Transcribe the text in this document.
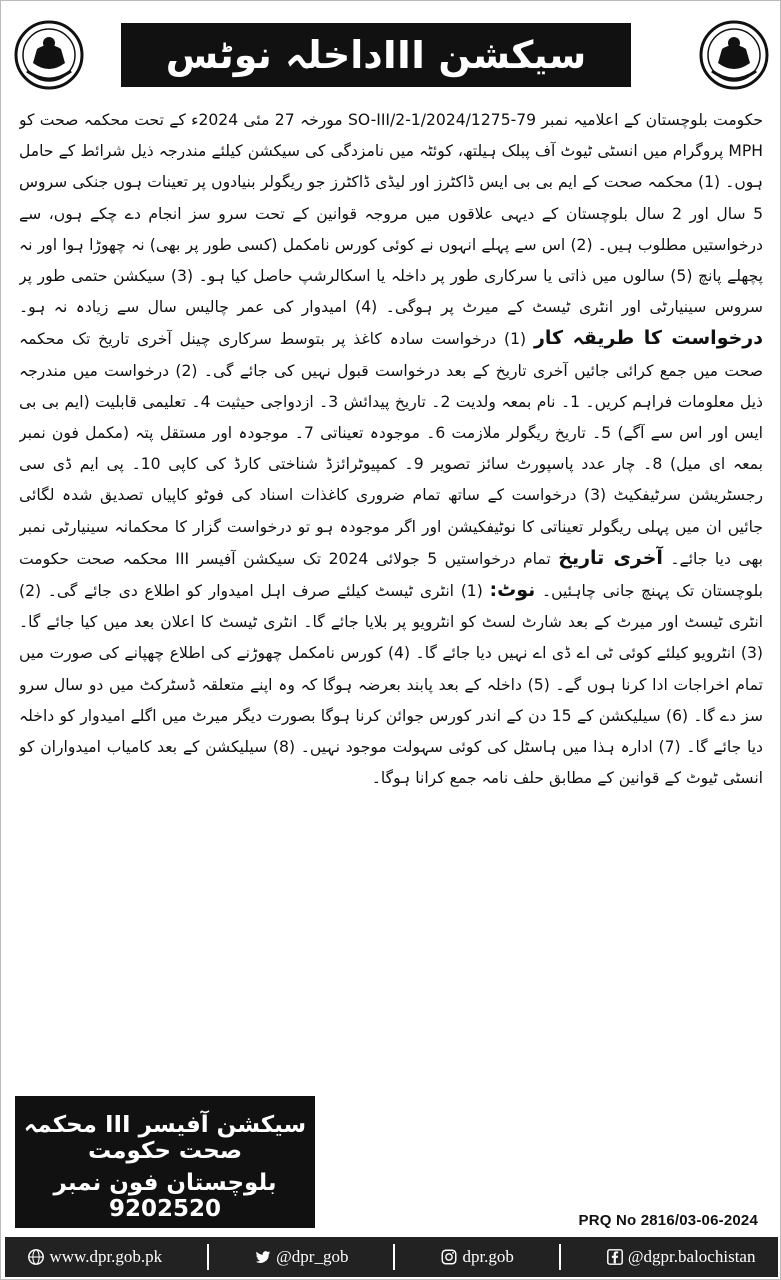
سیکشن IIIداخلہ نوٹس

حکومت بلوچستان کے اعلامیہ نمبر SO-III/2-1/2024/1275-79 مورخہ 27 مئی 2024ء کے تحت محکمہ صحت کو MPH پروگرام میں انسٹی ٹیوٹ آف پبلک ہیلتھ، کوئٹہ میں نامزدگی کی سیکشن کیلئے مندرجہ ذیل شرائط کے حامل ہوں۔ (1) محکمہ صحت کے ایم بی بی ایس ڈاکٹرز اور لیڈی ڈاکٹرز جو ریگولر بنیادوں پر تعینات ہوں جنکی سروس 5 سال اور 2 سال بلوچستان کے دیہی علاقوں میں مروجہ قوانین کے تحت سرو سز انجام دے چکے ہوں، سے درخواستیں مطلوب ہیں۔ (2) اس سے پہلے انہوں نے کوئی کورس نامکمل (کسی طور پر بھی) نہ چھوڑا ہوا اور نہ پچھلے پانچ (5) سالوں میں ذاتی یا سرکاری طور پر داخلہ یا اسکالرشپ حاصل کیا ہو۔ (3) سیکشن حتمی طور پر سروس سینیارٹی اور انٹری ٹیسٹ کے میرٹ پر ہوگی۔ (4) امیدوار کی عمر چالیس سال سے زیادہ نہ ہو۔ درخواست کا طریقہ کار (1) درخواست سادہ کاغذ پر بتوسط سرکاری چینل آخری تاریخ تک محکمہ صحت میں جمع کرائی جائیں آخری تاریخ کے بعد درخواست قبول نہیں کی جائے گی۔ (2) درخواست میں مندرجہ ذیل معلومات فراہم کریں۔ 1۔ نام بمعہ ولدیت 2۔ تاریخ پیدائش 3۔ ازدواجی حیثیت 4۔ تعلیمی قابلیت (ایم بی بی ایس اور اس سے آگے) 5۔ تاریخ ریگولر ملازمت 6۔ موجودہ تعیناتی 7۔ موجودہ اور مستقل پتہ (مکمل فون نمبر بمعہ ای میل) 8۔ چار عدد پاسپورٹ سائز تصویر 9۔ کمپیوٹرائزڈ شناختی کارڈ کی کاپی 10۔ پی ایم ڈی سی رجسٹریشن سرٹیفکیٹ (3) درخواست کے ساتھ تمام ضروری کاغذات اسناد کی فوٹو کاپیاں تصدیق شدہ لگائی جائیں ان میں پہلی ریگولر تعیناتی کا نوٹیفکیشن اور اگر موجودہ ہو تو درخواست گزار کا محکمانہ سینیارٹی نمبر بھی دیا جائے۔ آخری تاریخ تمام درخواستیں 5 جولائی 2024 تک سیکشن آفیسر III محکمہ صحت حکومت بلوچستان تک پہنچ جانی چاہئیں۔ نوٹ: (1) انٹری ٹیسٹ کیلئے صرف اہل امیدوار کو اطلاع دی جائے گی۔ (2) انٹری ٹیسٹ اور میرٹ کے بعد شارٹ لسٹ کو انٹرویو پر بلایا جائے گا۔ انٹری ٹیسٹ کا اعلان بعد میں کیا جائے گا۔ (3) انٹرویو کیلئے کوئی ٹی اے ڈی اے نہیں دیا جائے گا۔ (4) کورس نامکمل چھوڑنے کی اطلاع چھپانے کی صورت میں تمام اخراجات ادا کرنا ہوں گے۔ (5) داخلہ کے بعد پابند بعرضہ ہوگا کہ وہ اپنے متعلقہ ڈسٹرکٹ میں دو سال سرو سز دے گا۔ (6) سیلیکشن کے 15 دن کے اندر کورس جوائن کرنا ہوگا بصورت دیگر میرٹ میں اگلے امیدوار کو داخلہ دیا جائے گا۔ (7) ادارہ ہذا میں ہاسٹل کی کوئی سہولت موجود نہیں۔ (8) سیلیکشن کے بعد کامیاب امیدواران کو انسٹی ٹیوٹ کے قوانین کے مطابق حلف نامہ جمع کرانا ہوگا۔

سیکشن آفیسر III محکمہ صحت حکومت
بلوچستان فون نمبر 9202520	PRQ No 2816/03-06-2024
www.dpr.gob.pk	@dpr_gob	dpr.gob	@dgpr.balochistan
